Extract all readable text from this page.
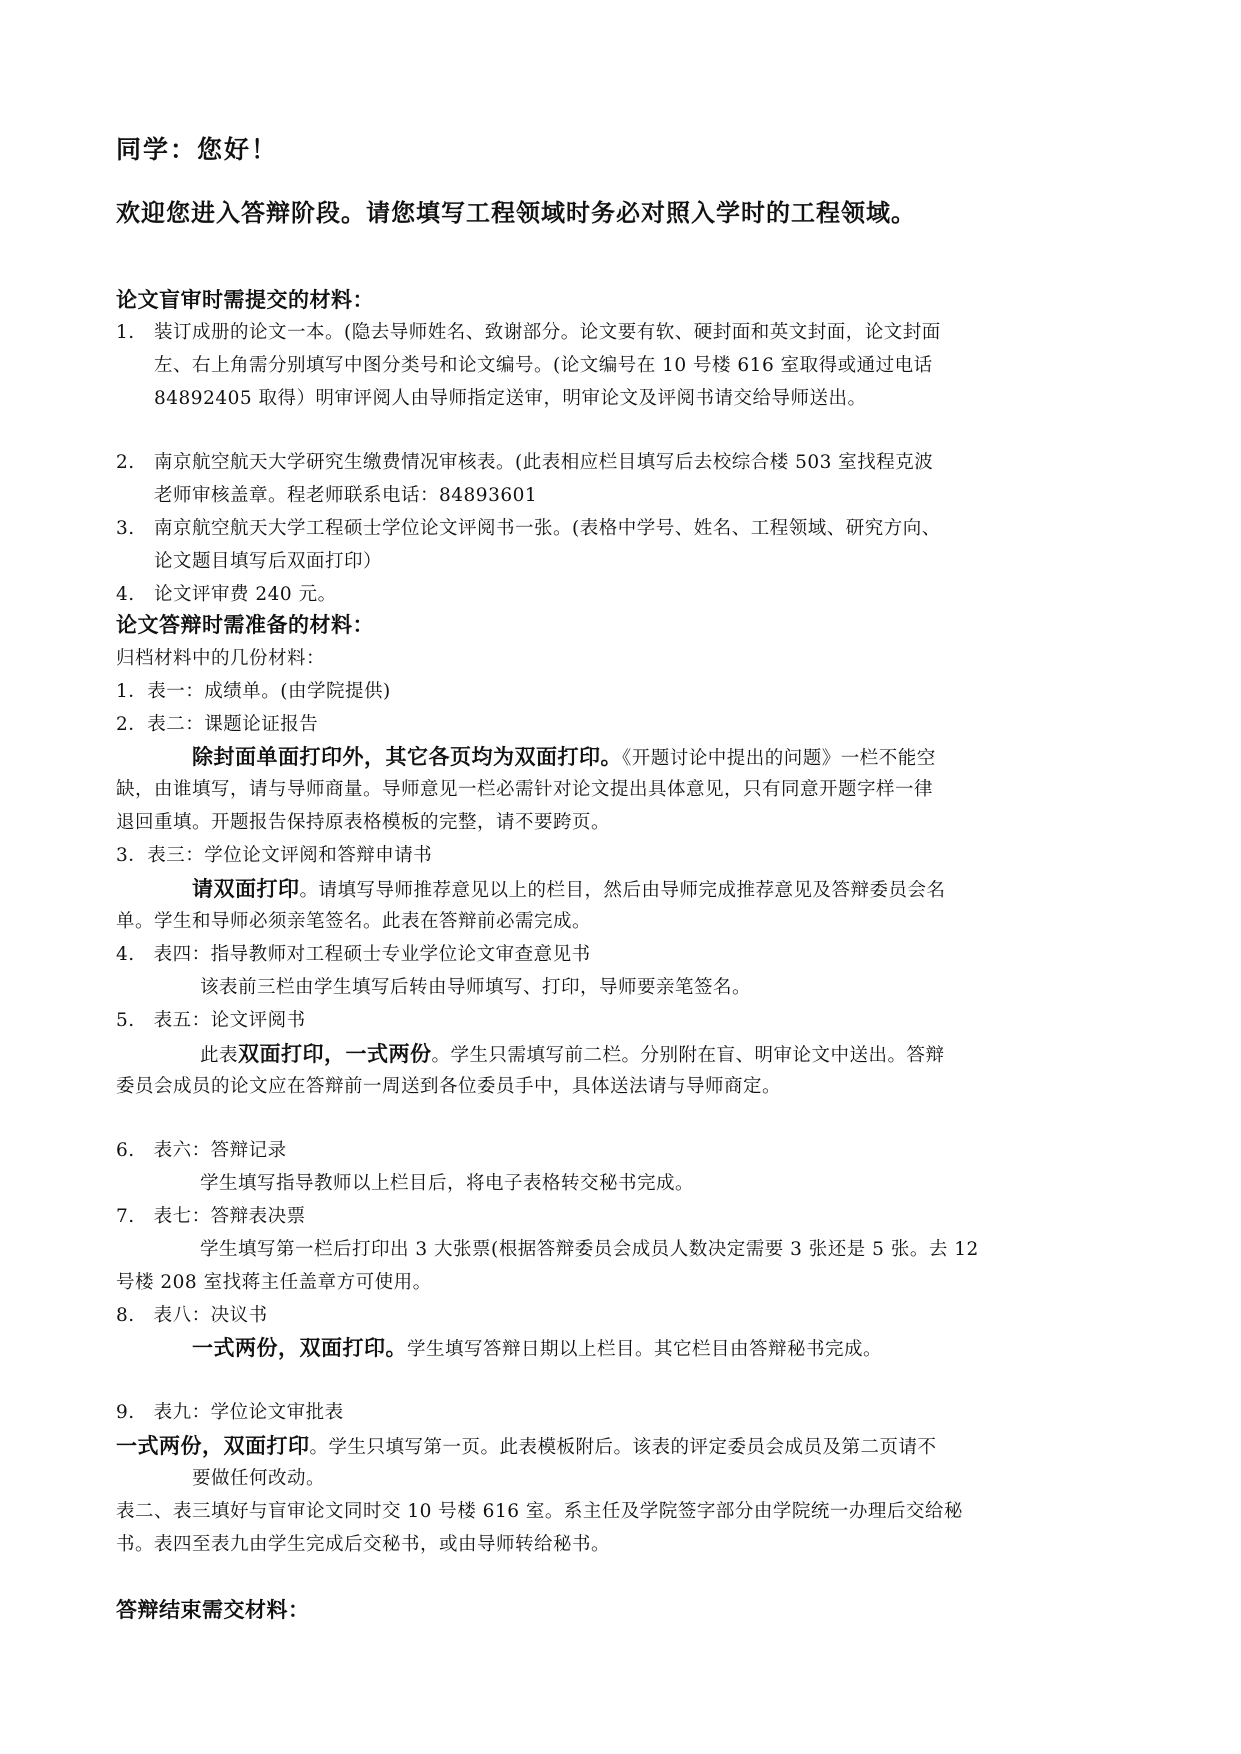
同学：您好！
欢迎您进入答辩阶段。请您填写工程领域时务必对照入学时的工程领域。
论文盲审时需提交的材料：
1. 装订成册的论文一本。(隐去导师姓名、致谢部分。论文要有软、硬封面和英文封面，论文封面
左、右上角需分别填写中图分类号和论文编号。(论文编号在 10 号楼 616 室取得或通过电话
84892405 取得）明审评阅人由导师指定送审，明审论文及评阅书请交给导师送出。
2. 南京航空航天大学研究生缴费情况审核表。(此表相应栏目填写后去校综合楼 503 室找程克波
老师审核盖章。程老师联系电话：84893601
3. 南京航空航天大学工程硕士学位论文评阅书一张。(表格中学号、姓名、工程领域、研究方向、
论文题目填写后双面打印）
4. 论文评审费 240 元。
论文答辩时需准备的材料：
归档材料中的几份材料：
1．表一：成绩单。(由学院提供)
2．表二：课题论证报告
除封面单面打印外，其它各页均为双面打印。《开题讨论中提出的问题》一栏不能空
缺，由谁填写，请与导师商量。导师意见一栏必需针对论文提出具体意见，只有同意开题字样一律
退回重填。开题报告保持原表格模板的完整，请不要跨页。
3．表三：学位论文评阅和答辩申请书
请双面打印。请填写导师推荐意见以上的栏目，然后由导师完成推荐意见及答辩委员会名
单。学生和导师必须亲笔签名。此表在答辩前必需完成。
4.　表四：指导教师对工程硕士专业学位论文审查意见书
该表前三栏由学生填写后转由导师填写、打印，导师要亲笔签名。
5.　表五：论文评阅书
此表双面打印，一式两份。学生只需填写前二栏。分别附在盲、明审论文中送出。答辩
委员会成员的论文应在答辩前一周送到各位委员手中，具体送法请与导师商定。
6.　表六：答辩记录
学生填写指导教师以上栏目后，将电子表格转交秘书完成。
7.　表七：答辩表决票
学生填写第一栏后打印出 3 大张票(根据答辩委员会成员人数决定需要 3 张还是 5 张。去 12
号楼 208 室找蒋主任盖章方可使用。
8.　表八：决议书
一式两份，双面打印。学生填写答辩日期以上栏目。其它栏目由答辩秘书完成。
9.　表九：学位论文审批表
一式两份，双面打印。学生只填写第一页。此表模板附后。该表的评定委员会成员及第二页请不
要做任何改动。
表二、表三填好与盲审论文同时交 10 号楼 616 室。系主任及学院签字部分由学院统一办理后交给秘
书。表四至表九由学生完成后交秘书，或由导师转给秘书。
答辩结束需交材料：
